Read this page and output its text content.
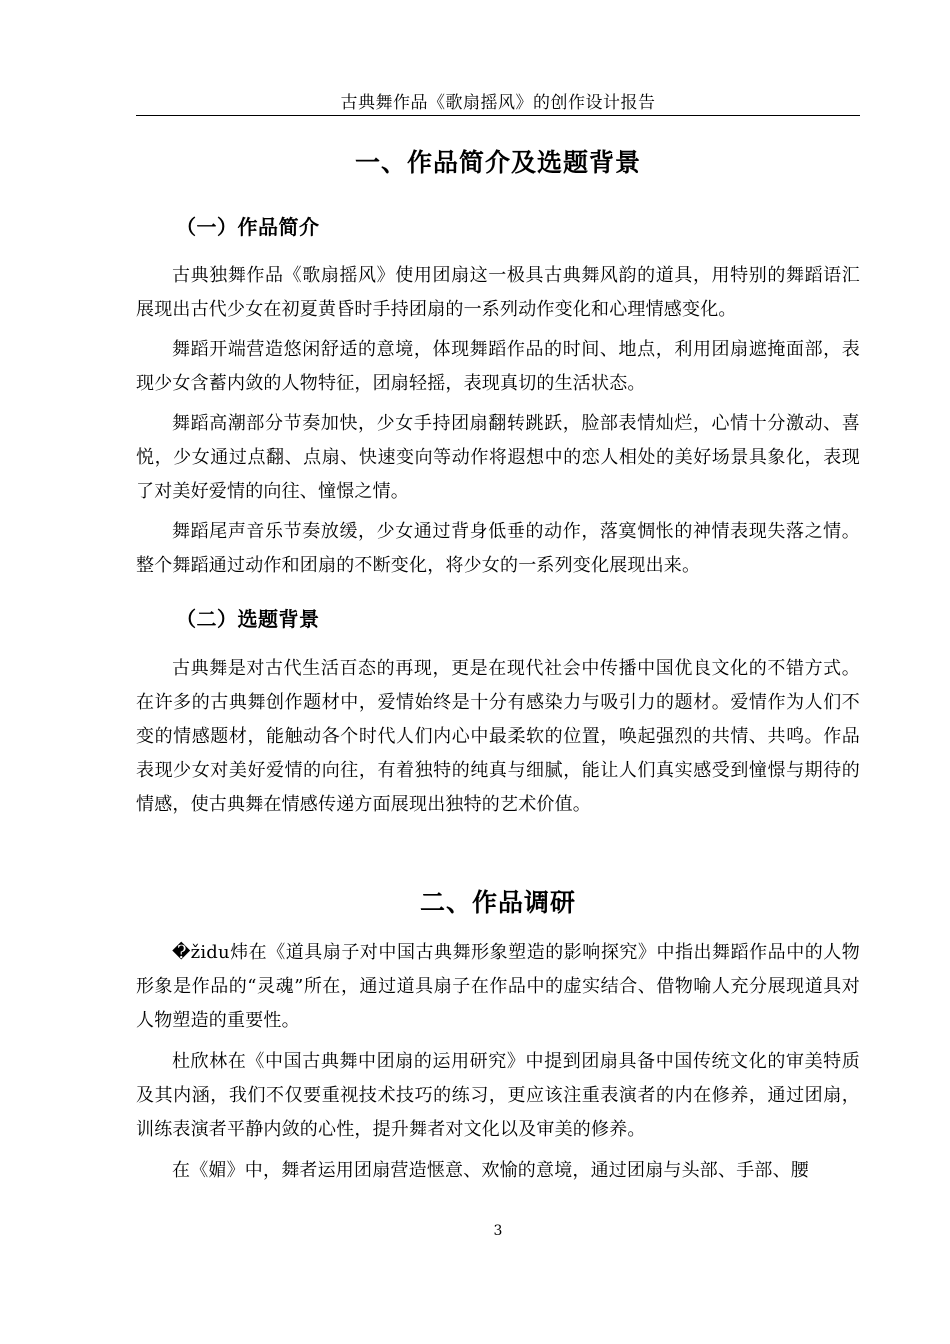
古典舞作品《歌扇摇风》的创作设计报告
一、作品简介及选题背景
（一）作品简介

古典独舞作品《歌扇摇风》使用团扇这一极具古典舞风韵的道具，用特别的舞蹈语汇展现出古代少女在初夏黄昏时手持团扇的一系列动作变化和心理情感变化。

舞蹈开端营造悠闲舒适的意境，体现舞蹈作品的时间、地点，利用团扇遮掩面部，表现少女含蓄内敛的人物特征，团扇轻摇，表现真切的生活状态。

舞蹈高潮部分节奏加快，少女手持团扇翻转跳跃，脸部表情灿烂，心情十分激动、喜悦，少女通过点翻、点扇、快速变向等动作将遐想中的恋人相处的美好场景具象化，表现了对美好爱情的向往、憧憬之情。

舞蹈尾声音乐节奏放缓，少女通过背身低垂的动作，落寞惆怅的神情表现失落之情。整个舞蹈通过动作和团扇的不断变化，将少女的一系列变化展现出来。

（二）选题背景

古典舞是对古代生活百态的再现，更是在现代社会中传播中国优良文化的不错方式。在许多的古典舞创作题材中，爱情始终是十分有感染力与吸引力的题材。爱情作为人们不变的情感题材，能触动各个时代人们内心中最柔软的位置，唤起强烈的共情、共鸣。作品表现少女对美好爱情的向往，有着独特的纯真与细腻，能让人们真实感受到憧憬与期待的情感，使古典舞在情感传递方面展现出独特的艺术价值。

二、作品调研

�židu炜在《道具扇子对中国古典舞形象塑造的影响探究》中指出舞蹈作品中的人物形象是作品的“灵魂”所在，通过道具扇子在作品中的虚实结合、借物喻人充分展现道具对人物塑造的重要性。

杜欣林在《中国古典舞中团扇的运用研究》中提到团扇具备中国传统文化的审美特质及其内涵，我们不仅要重视技术技巧的练习，更应该注重表演者的内在修养，通过团扇，训练表演者平静内敛的心性，提升舞者对文化以及审美的修养。

在《媚》中，舞者运用团扇营造惬意、欢愉的意境，通过团扇与头部、手部、腰

3
